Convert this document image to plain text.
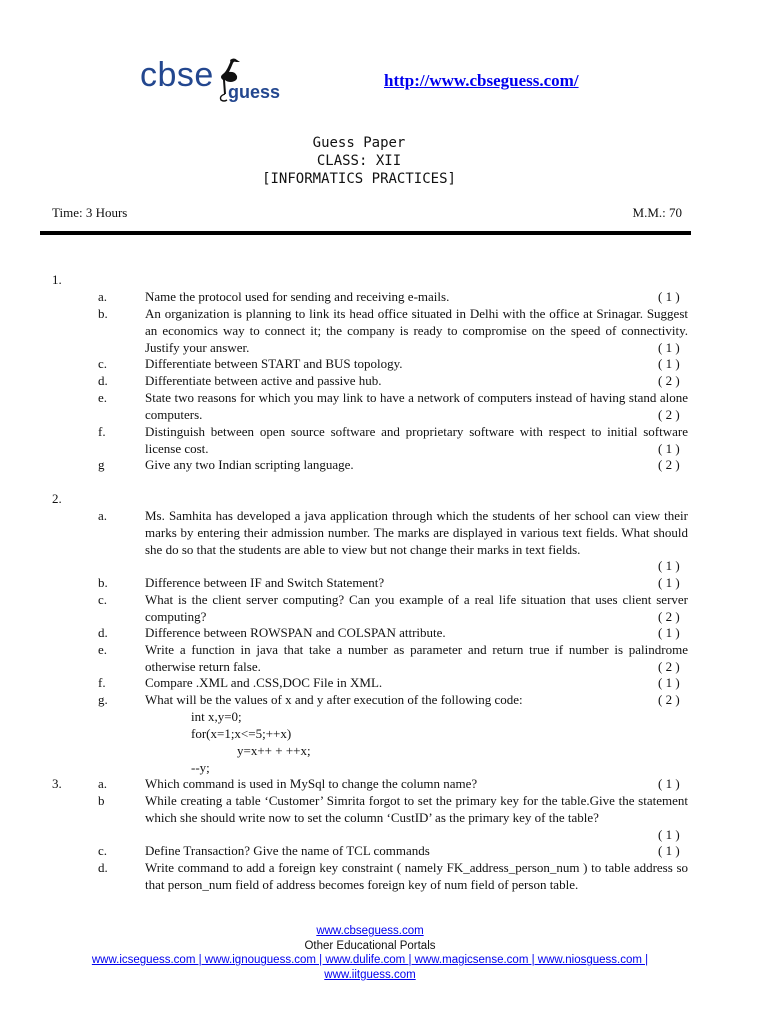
cbse guess
http://www.cbseguess.com/
Guess Paper
CLASS: XII
[INFORMATICS PRACTICES]
Time: 3 Hours	M.M.: 70
1.
a.	Name the protocol used for sending and receiving e-mails.	( 1 )
b.	An organization is planning to link its head office situated in Delhi with the office at Srinagar. Suggest an economics way to connect it; the company is ready to compromise on the speed of connectivity. Justify your answer.	( 1 )
c.	Differentiate between START and BUS topology.	( 1 )
d.	Differentiate between active and passive hub.	( 2 )
e.	State two reasons for which you may link to have a network of computers instead of having stand alone computers.	( 2 )
f.	Distinguish between open source software and proprietary software with respect to initial software license cost.	( 1 )
g	Give any two Indian scripting language.	( 2 )
2.
a.	Ms. Samhita has developed a java application through which the students of her school can view their marks by entering their admission number. The marks are displayed in various text fields. What should she do so that the students are able to view but not change their marks in text fields.
( 1 )
b.	Difference between IF and Switch Statement?	( 1 )
c.	What is the client server computing? Can you example of a real life situation that uses client server computing?	( 2 )
d.	Difference between ROWSPAN and COLSPAN attribute.	( 1 )
e.	Write a function in java that take a number as parameter and return true if number is palindrome otherwise return false.	( 2 )
f.	Compare .XML and .CSS,DOC File in XML.	( 1 )
g.	What will be the values of x and y after execution of the following code:	( 2 )
int x,y=0;
for(x=1;x<=5;++x)
y=x++ + ++x;
--y;
3.	a.	Which command is used in MySql to change the column name?	( 1 )
b	While creating a table ‘Customer’ Simrita forgot to set the primary key for the table.Give the statement which she should write now to set the column ‘CustID’ as the primary key of the table?
( 1 )
c.	Define Transaction? Give the name of TCL commands	( 1 )
d.	Write command to add a foreign key constraint ( namely FK_address_person_num ) to table address so that person_num field of address becomes foreign key of num field of person table.
www.cbseguess.com
Other Educational Portals
www.icseguess.com | www.ignouguess.com | www.dulife.com | www.magicsense.com | www.niosguess.com |
www.iitguess.com
